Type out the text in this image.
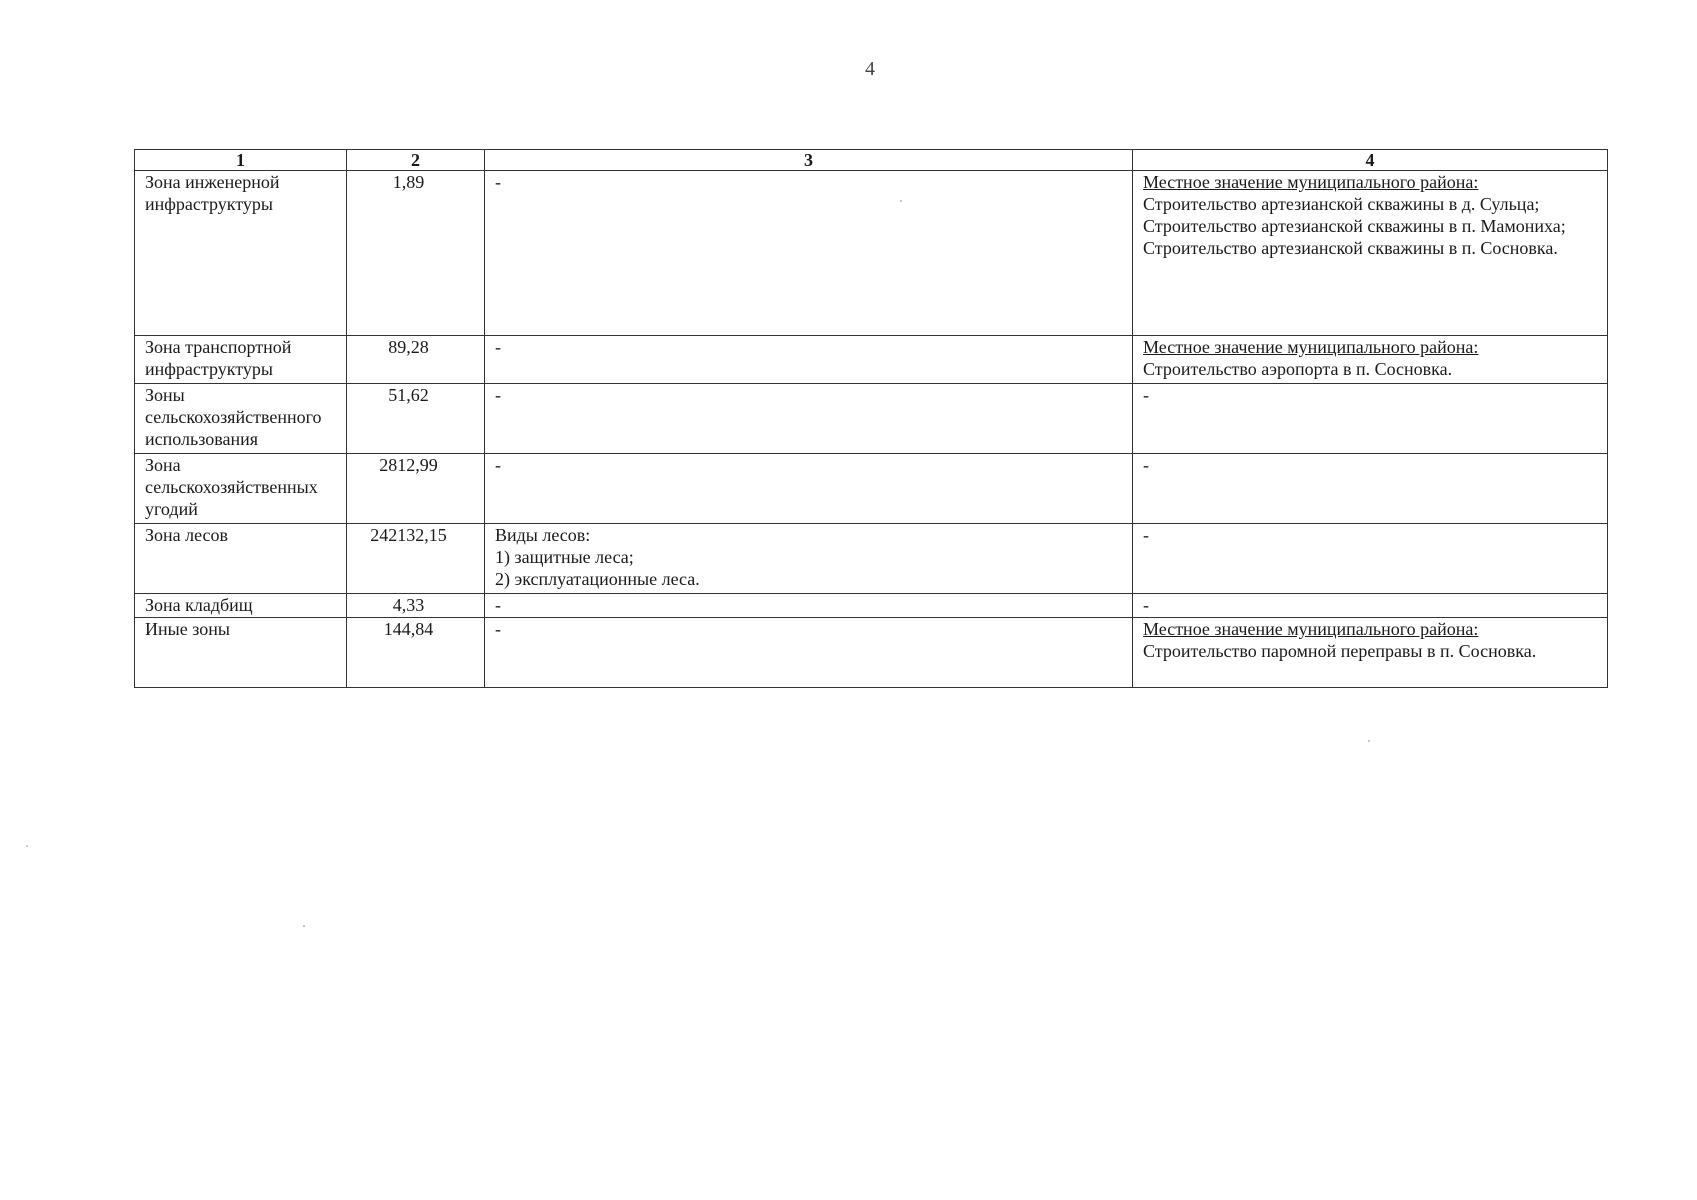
4
1	2	3	4
Зона инженерной инфраструктуры	1,89	-	Местное значение муниципального района:
Строительство артезианской скважины в д. Сульца;
Строительство артезианской скважины в п. Мамониха;
Строительство артезианской скважины в п. Сосновка.

Зона транспортной инфраструктуры	89,28	-	Местное значение муниципального района:
Строительство аэропорта в п. Сосновка.

Зоны сельскохозяйственного использования	51,62	-	-

Зона сельскохозяйственных угодий	2812,99	-	-

Зона лесов	242132,15	Виды лесов:
1) защитные леса;
2) эксплуатационные леса.	-

Зона кладбищ	4,33	-	-

Иные зоны	144,84	-	Местное значение муниципального района:
Строительство паромной переправы в п. Сосновка.
